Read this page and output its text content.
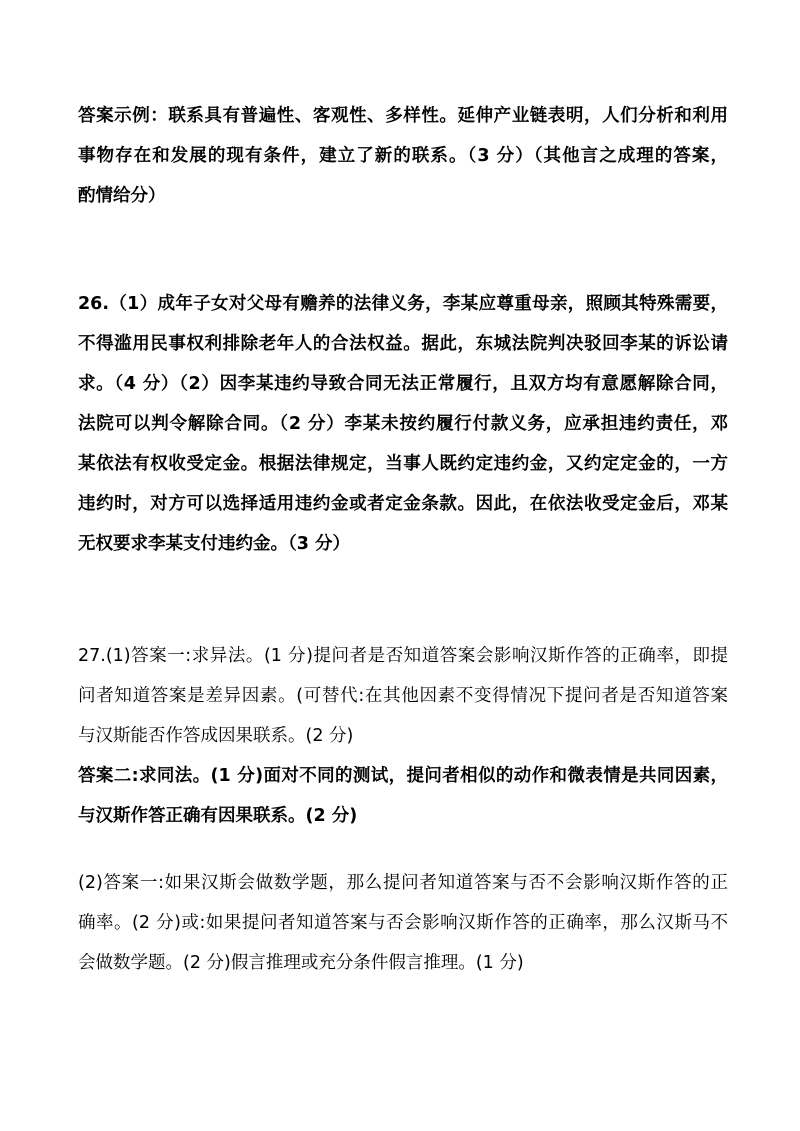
答案示例：联系具有普遍性、客观性、多样性。延伸产业链表明，人们分析和利用
事物存在和发展的现有条件，建立了新的联系。（3 分）（其他言之成理的答案，
酌情给分）
26.（1）成年子女对父母有赡养的法律义务，李某应尊重母亲，照顾其特殊需要，
不得滥用民事权利排除老年人的合法权益。据此，东城法院判决驳回李某的诉讼请
求。（4 分）（2）因李某违约导致合同无法正常履行，且双方均有意愿解除合同，
法院可以判令解除合同。（2 分）李某未按约履行付款义务，应承担违约责任，邓
某依法有权收受定金。根据法律规定，当事人既约定违约金，又约定定金的，一方
违约时，对方可以选择适用违约金或者定金条款。因此，在依法收受定金后，邓某
无权要求李某支付违约金。（3 分）
27.(1)答案一:求异法。(1 分)提问者是否知道答案会影响汉斯作答的正确率，即提
问者知道答案是差异因素。(可替代:在其他因素不变得情况下提问者是否知道答案
与汉斯能否作答成因果联系。(2 分)
答案二:求同法。(1 分)面对不同的测试，提问者相似的动作和微表情是共同因素，
与汉斯作答正确有因果联系。(2 分)
(2)答案一:如果汉斯会做数学题，那么提问者知道答案与否不会影响汉斯作答的正
确率。(2 分)或:如果提问者知道答案与否会影响汉斯作答的正确率，那么汉斯马不
会做数学题。(2 分)假言推理或充分条件假言推理。(1 分)
